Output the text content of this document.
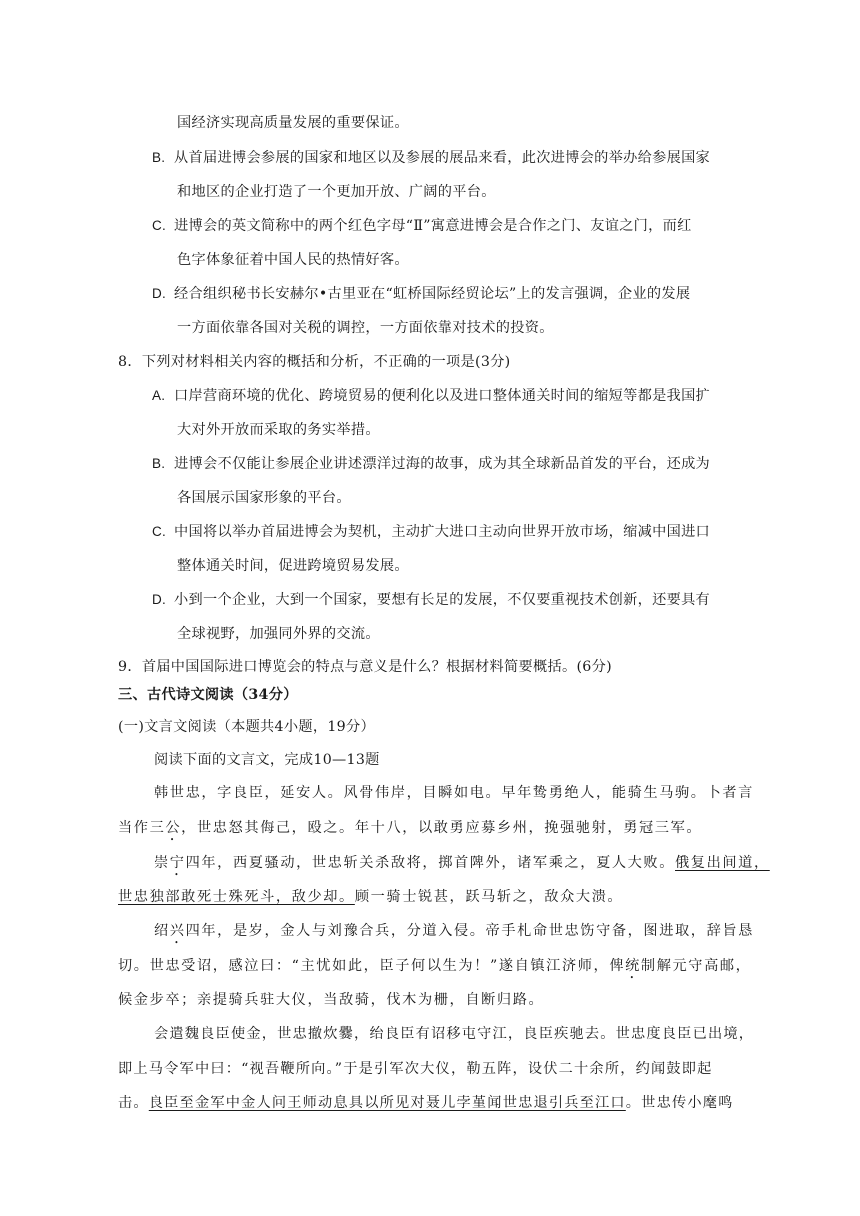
国经济实现高质量发展的重要保证。
B. 从首届进博会参展的国家和地区以及参展的展品来看，此次进博会的举办给参展国家
和地区的企业打造了一个更加开放、广阔的平台。
C. 进博会的英文简称中的两个红色字母“Ⅱ”寓意进博会是合作之门、友谊之门，而红
色字体象征着中国人民的热情好客。
D. 经合组织秘书长安赫尔•古里亚在“虹桥国际经贸论坛”上的发言强调，企业的发展
一方面依靠各国对关税的调控，一方面依靠对技术的投资。
8．下列对材料相关内容的概括和分析，不正确的一项是(3分)
A. 口岸营商环境的优化、跨境贸易的便利化以及进口整体通关时间的缩短等都是我国扩
大对外开放而采取的务实举措。
B. 进博会不仅能让参展企业讲述漂洋过海的故事，成为其全球新品首发的平台，还成为
各国展示国家形象的平台。
C. 中国将以举办首届进博会为契机，主动扩大进口主动向世界开放市场，缩减中国进口
整体通关时间，促进跨境贸易发展。
D. 小到一个企业，大到一个国家，要想有长足的发展，不仅要重视技术创新，还要具有
全球视野，加强同外界的交流。
9．首届中国国际进口博览会的特点与意义是什么？根据材料简要概括。(6分)
三、古代诗文阅读（34分）
(一)文言文阅读（本题共4小题，19分）
阅读下面的文言文，完成10—13题
韩世忠，字良臣，延安人。风骨伟岸，目瞬如电。早年鸷勇绝人，能骑生马驹。卜者言
当作三公，世忠怒其侮己，殴之。年十八，以敢勇应募乡州，挽强驰射，勇冠三军。
崇宁四年，西夏骚动，世忠斩关杀敌将，掷首陴外，诸军乘之，夏人大败。俄复出间道，
世忠独部敢死士殊死斗，敌少却。顾一骑士锐甚，跃马斩之，敌众大溃。
绍兴四年，是岁，金人与刘豫合兵，分道入侵。帝手札命世忠饬守备，图进取，辞旨恳
切。世忠受诏，感泣曰：“主忧如此，臣子何以生为！”遂自镇江济师，俾统制解元守高邮，
候金步卒；亲提骑兵驻大仪，当敌骑，伐木为栅，自断归路。
会遣魏良臣使金，世忠撤炊爨，绐良臣有诏移屯守江，良臣疾驰去。世忠度良臣已出境，
即上马令军中曰：“视吾鞭所向。”于是引军次大仪，勒五阵，设伏二十余所，约闻鼓即起
击。良臣至金军中金人问王师动息具以所见对聂儿孛堇闻世忠退引兵至江口。世忠传小麾鸣
